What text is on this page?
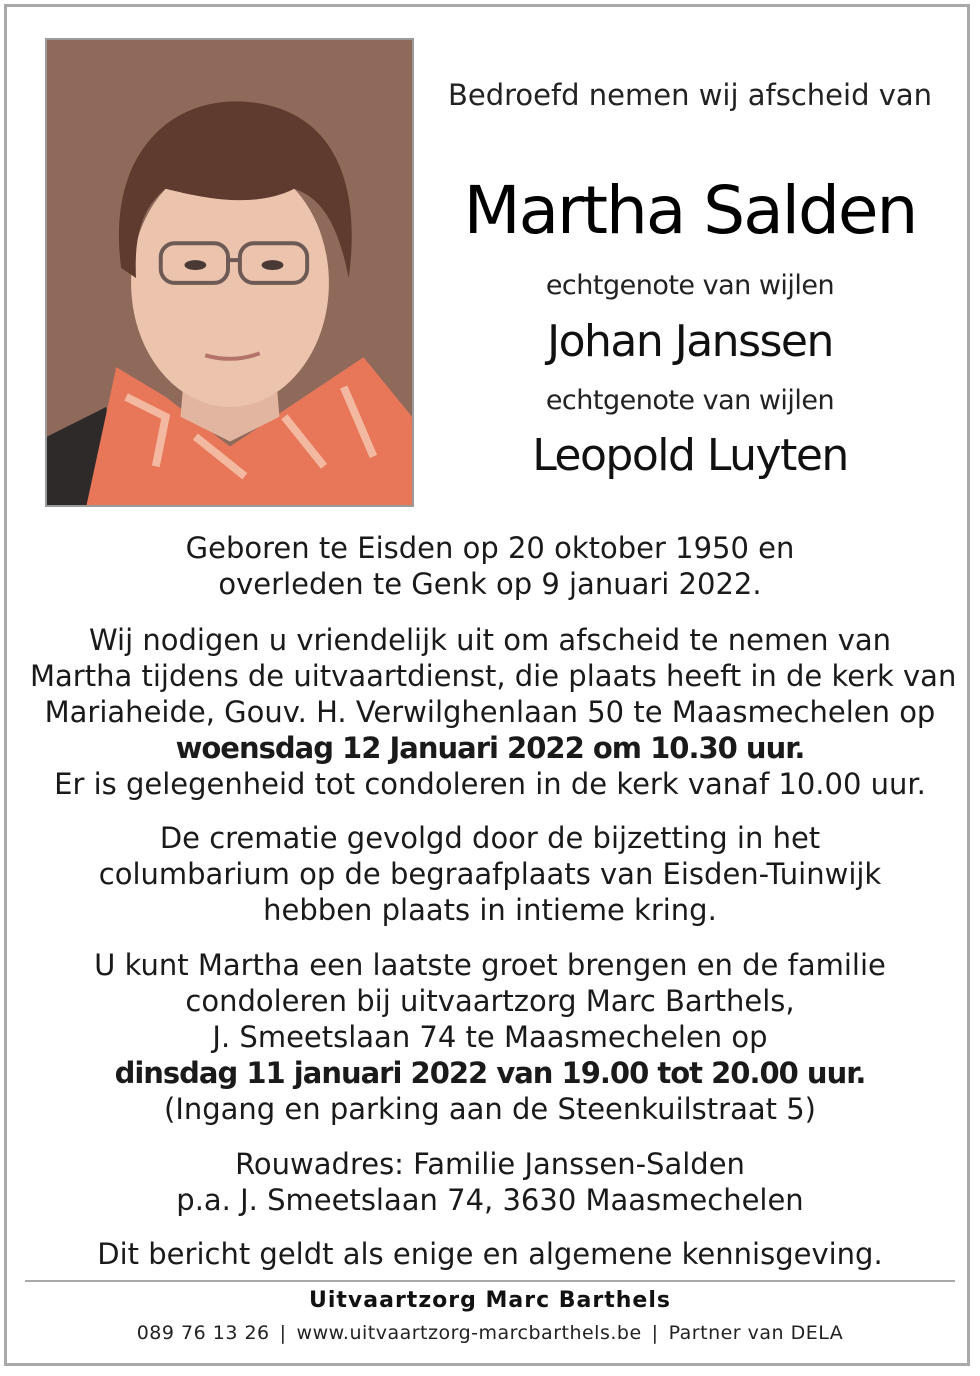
Bedroefd nemen wij afscheid van
Martha Salden
echtgenote van wijlen
Johan Janssen
echtgenote van wijlen
Leopold Luyten

Geboren te Eisden op 20 oktober 1950 en

overleden te Genk op 9 januari 2022.

Wij nodigen u vriendelijk uit om afscheid te nemen van

Martha tijdens de uitvaartdienst, die plaats heeft in de kerk van

Mariaheide, Gouv. H. Verwilghenlaan 50 te Maasmechelen op

woensdag 12 Januari 2022 om 10.30 uur.

Er is gelegenheid tot condoleren in de kerk vanaf 10.00 uur.

De crematie gevolgd door de bijzetting in het

columbarium op de begraafplaats van Eisden-Tuinwijk

hebben plaats in intieme kring.

U kunt Martha een laatste groet brengen en de familie

condoleren bij uitvaartzorg Marc Barthels,

J. Smeetslaan 74 te Maasmechelen op

dinsdag 11 januari 2022 van 19.00 tot 20.00 uur.

(Ingang en parking aan de Steenkuilstraat 5)

Rouwadres: Familie Janssen-Salden

p.a. J. Smeetslaan 74, 3630 Maasmechelen

Dit bericht geldt als enige en algemene kennisgeving.

Uitvaartzorg Marc Barthels
089 76 13 26 | www.uitvaartzorg-marcbarthels.be | Partner van DELA
